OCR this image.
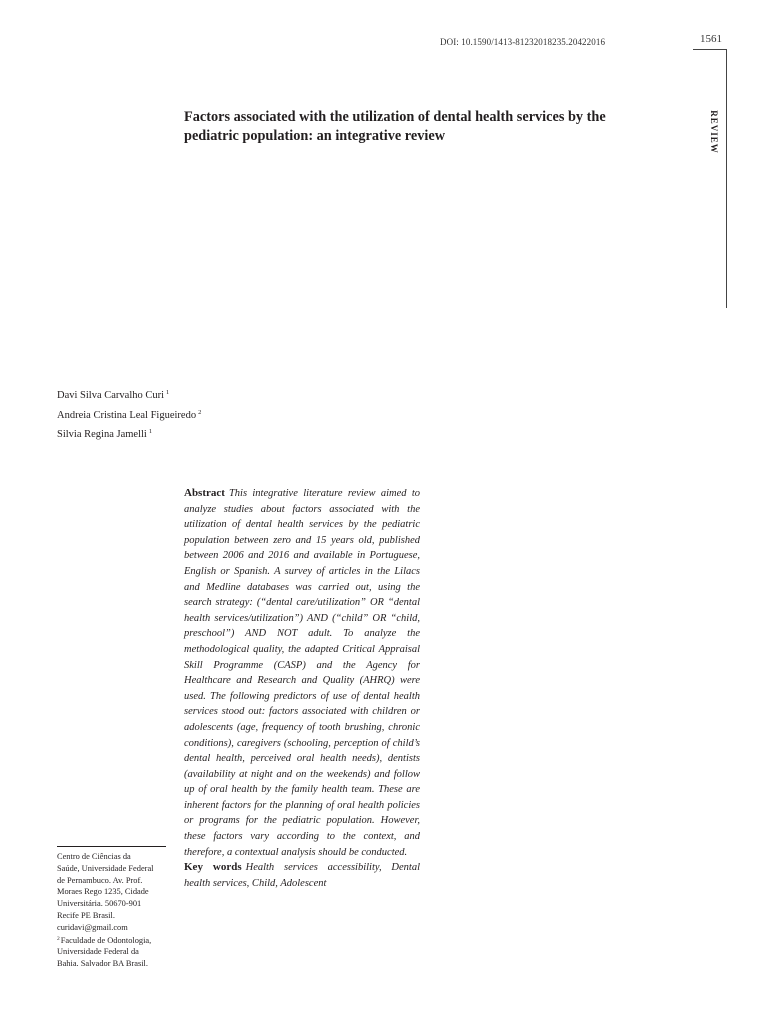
DOI: 10.1590/1413-81232018235.20422016	1561
REVIEW
Factors associated with the utilization of dental health services by the pediatric population: an integrative review
Davi Silva Carvalho Curi $^1$
Andreia Cristina Leal Figueiredo $^2$
Silvia Regina Jamelli $^1$
Abstract This integrative literature review aimed to analyze studies about factors associated with the utilization of dental health services by the pediatric population between zero and 15 years old, published between 2006 and 2016 and available in Portuguese, English or Spanish. A survey of articles in the Lilacs and Medline databases was carried out, using the search strategy: (“dental care/utilization” OR “dental health services/utilization”) AND (“child” OR “child, preschool”) AND NOT adult. To analyze the methodological quality, the adapted Critical Appraisal Skill Programme (CASP) and the Agency for Healthcare and Research and Quality (AHRQ) were used. The following predictors of use of dental health services stood out: factors associated with children or adolescents (age, frequency of tooth brushing, chronic conditions), caregivers (schooling, perception of child’s dental health, perceived oral health needs), dentists (availability at night and on the weekends) and follow up of oral health by the family health team. These are inherent factors for the planning of oral health policies or programs for the pediatric population. However, these factors vary according to the context, and therefore, a contextual analysis should be conducted.
Key words Health services accessibility, Dental health services, Child, Adolescent

Centro de Ciências da
Saúde, Universidade Federal
de Pernambuco. Av. Prof.
Moraes Rego 1235, Cidade
Universitária. 50670-901
Recife PE Brasil.
curidavi@gmail.com

$^2$Faculdade de Odontologia,
Universidade Federal da
Bahia. Salvador BA Brasil.
